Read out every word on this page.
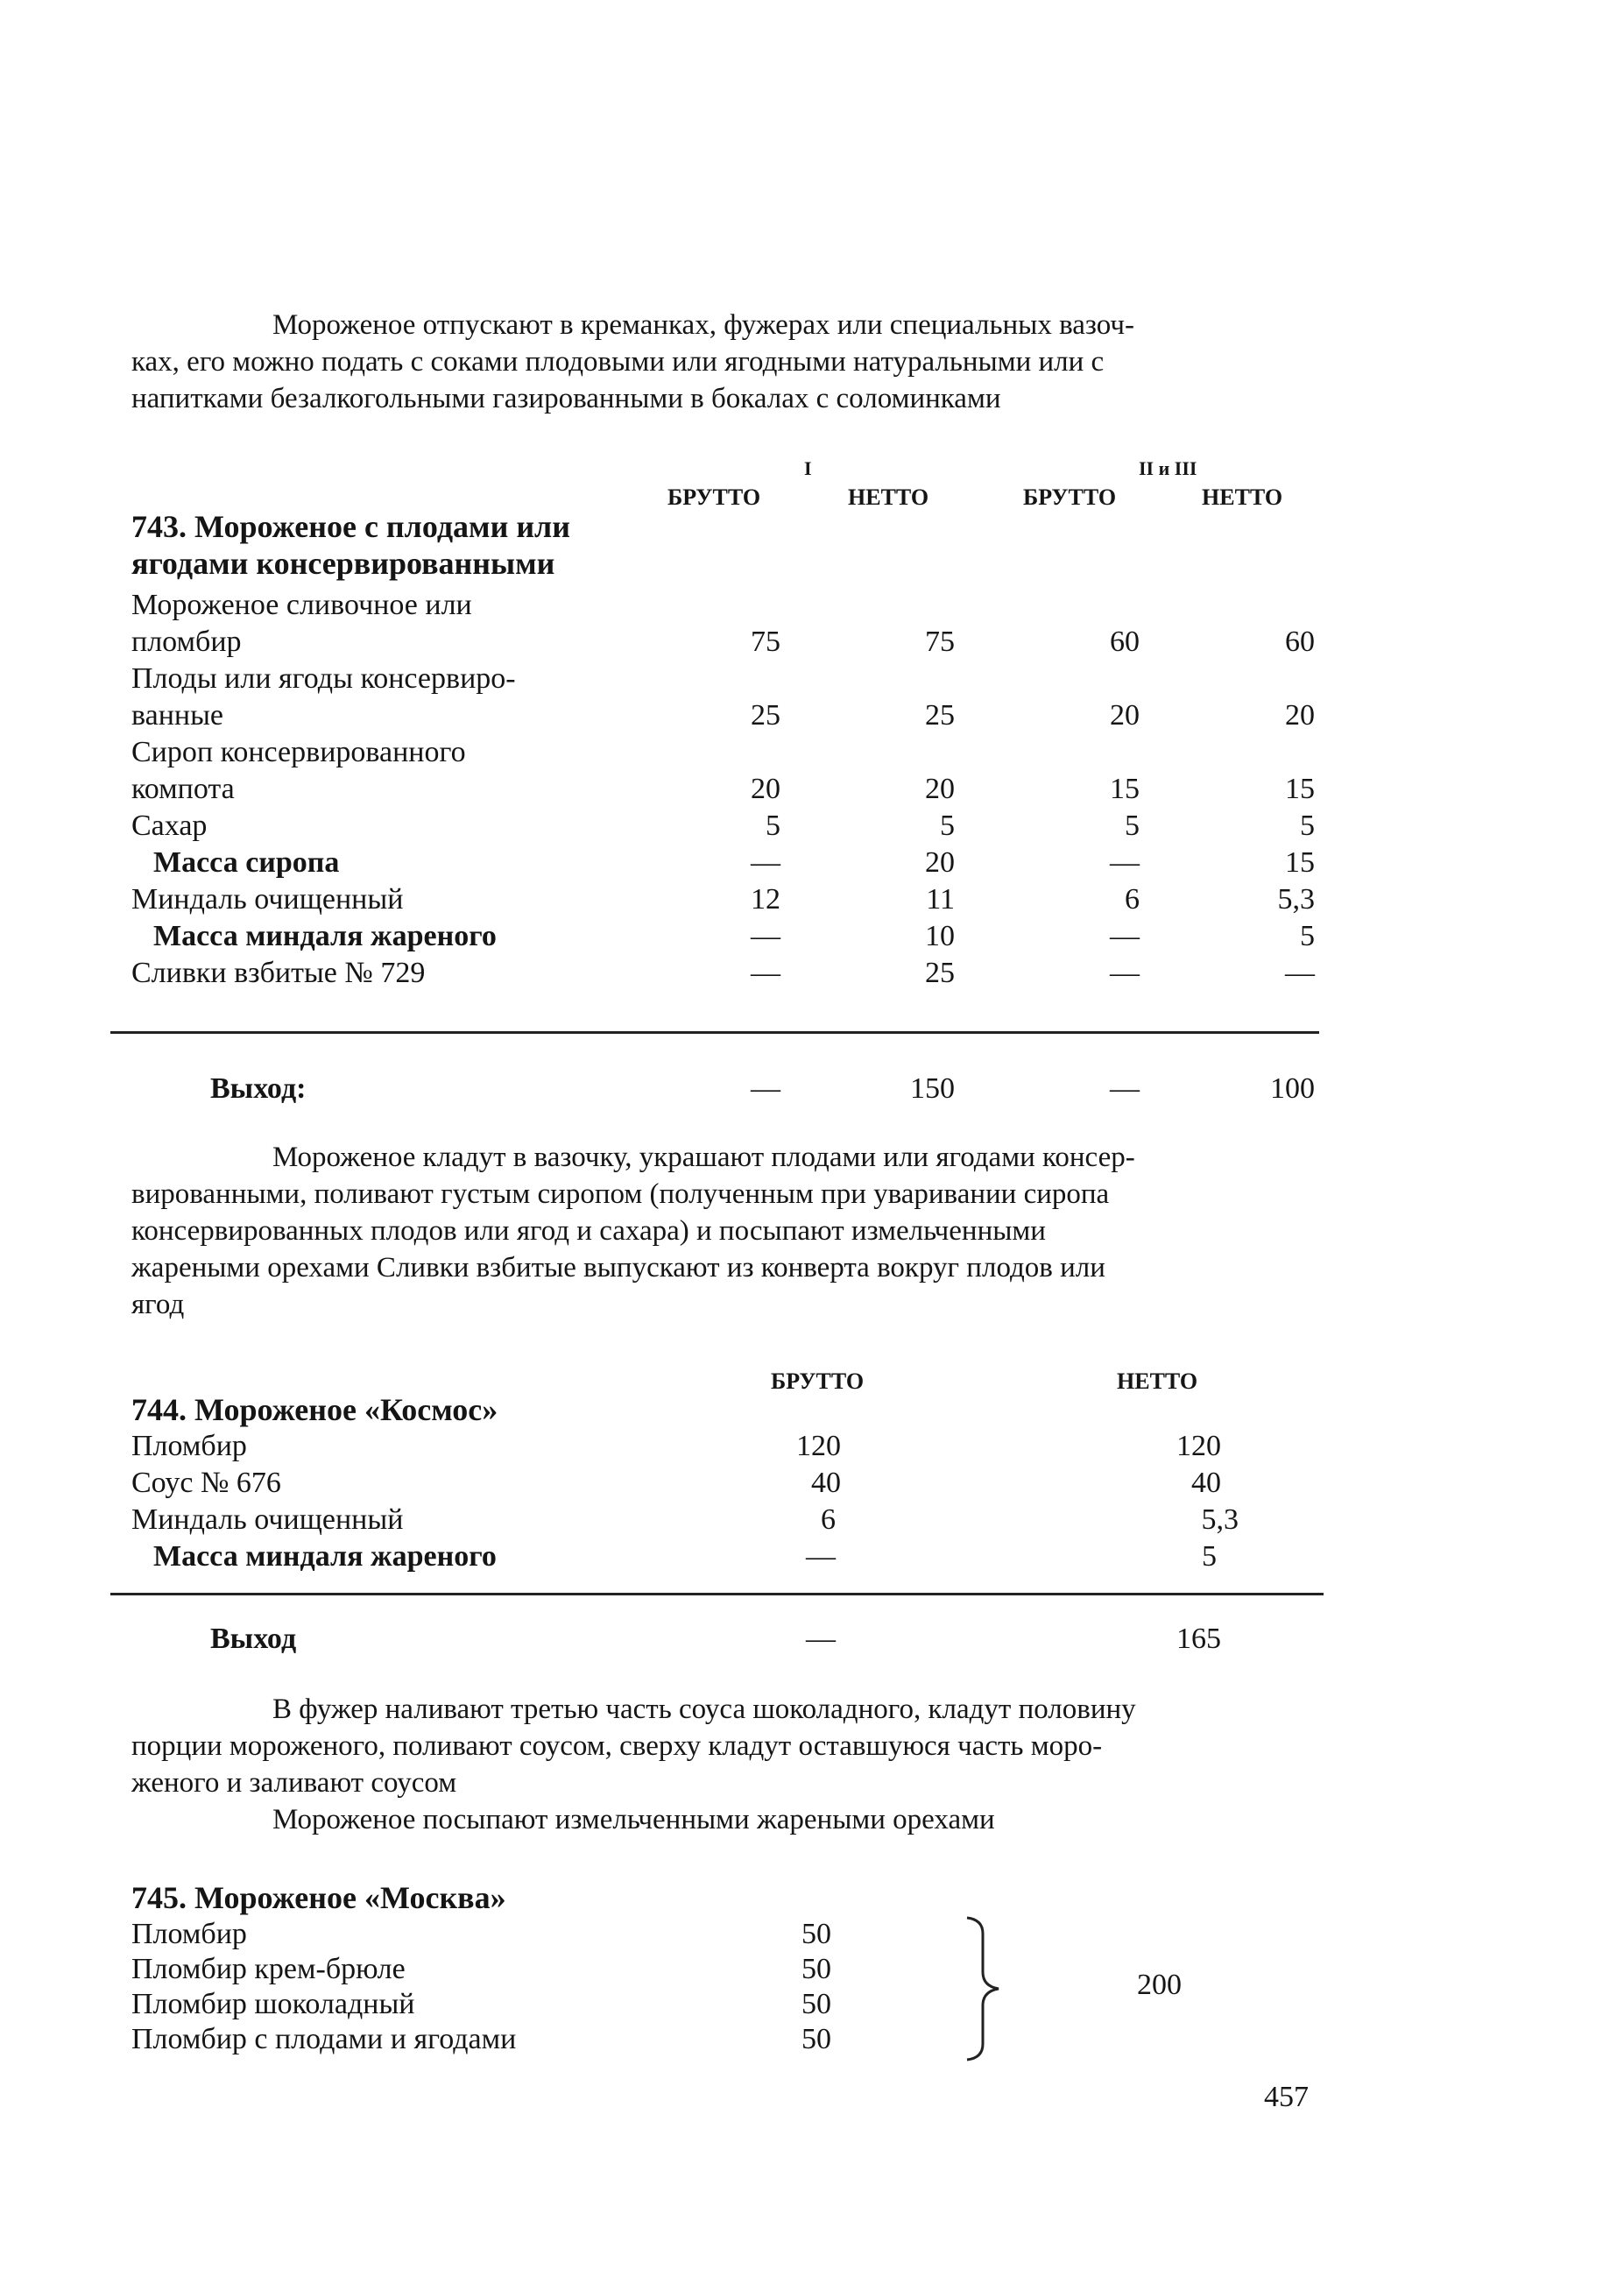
Мороженое отпускают в креманках, фужерах или специальных вазоч-
ках, его можно подать с соками плодовыми или ягодными натуральными или с
напитками безалкогольными газированными в бокалах с соломинками
I	II и III
БРУТТО	НЕТТО	БРУТТО	НЕТТО
743. Мороженое с плодами или
ягодами консервированными
Мороженое сливочное или
пломбир	75	75	60	60
Плоды или ягоды консервиро-
ванные	25	25	20	20
Сироп консервированного
компота	20	20	15	15
Сахар	5	5	5	5
Масса сиропа	—	20	—	15
Миндаль очищенный	12	11	6	5,3
Масса миндаля жареного	—	10	—	5
Сливки взбитые № 729	—	25	—	—
Выход:	—	150	—	100
Мороженое кладут в вазочку, украшают плодами или ягодами консер-
вированными, поливают густым сиропом (полученным при уваривании сиропа
консервированных плодов или ягод и сахара) и посыпают измельченными
жареными орехами Сливки взбитые выпускают из конверта вокруг плодов или
ягод
БРУТТО	НЕТТО
744. Мороженое «Космос»
Пломбир	120	120
Соус № 676	40	40
Миндаль очищенный	6	5,3
Масса миндаля жареного	—	5
Выход	—	165
В фужер наливают третью часть соуса шоколадного, кладут половину
порции мороженого, поливают соусом, сверху кладут оставшуюся часть моро-
женого и заливают соусом
Мороженое посыпают измельченными жареными орехами
745. Мороженое «Москва»
Пломбир	50
Пломбир крем-брюле	50
Пломбир шоколадный	50
Пломбир с плодами и ягодами	50
200
457
